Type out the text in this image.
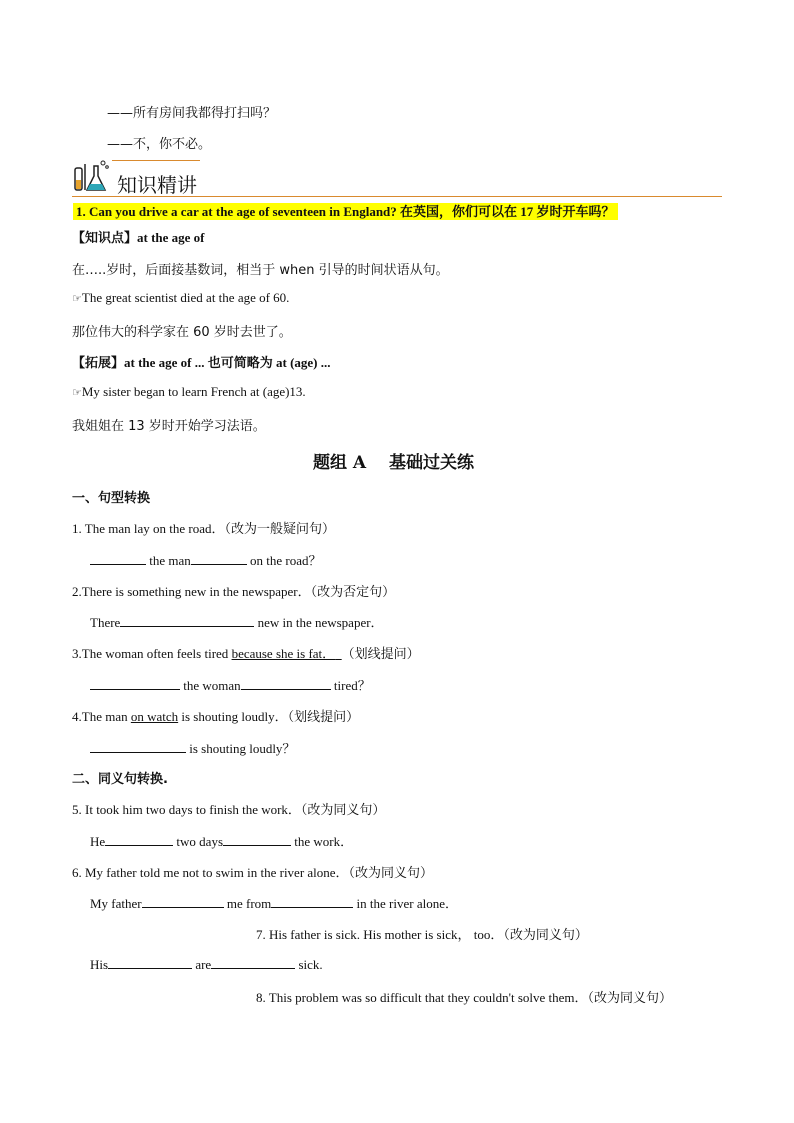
——所有房间我都得打扫吗？
——不，你不必。
知识精讲
1. Can you drive a car at the age of seventeen in England? 在英国，你们可以在 17 岁时开车吗？
【知识点】at the age of
在…..岁时，后面接基数词，相当于 when 引导的时间状语从句。
☞The great scientist died at the age of 60.
那位伟大的科学家在 60 岁时去世了。
【拓展】at the age of ... 也可简略为 at (age) ...
☞My sister began to learn French at (age)13.
我姐姐在 13 岁时开始学习法语。
题组 A　 基础过关练
一、句型转换
1. The man lay on the road．（改为一般疑问句）
the man	on the road？
2.There is something new in the newspaper．（改为否定句）
There	new in the newspaper．
3.The woman often feels tired because she is fat． （划线提问）
the woman	tired？
4.The man on watch is shouting loudly．（划线提问）
is shouting loudly？
二、同义句转换.
5. It took him two days to finish the work．（改为同义句）
He	two days	the work．
6. My father told me not to swim in the river alone．（改为同义句）
My father	me from	in the river alone．
7. His father is sick. His mother is sick， too．（改为同义句）
His	are	sick.
8. This problem was so difficult that they couldn't solve them．（改为同义句）
